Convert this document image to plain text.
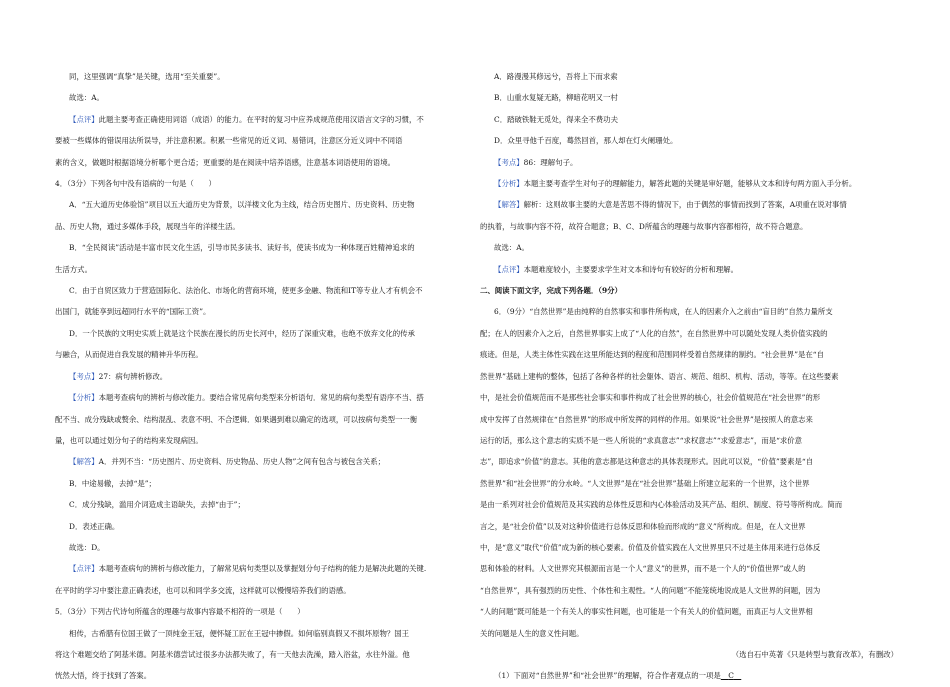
同，这里强调“真挚”是关键，选用“至关重要”。

故选：A。

【点评】此题主要考查正确使用词语（成语）的能力。在平时的复习中应养成规范使用汉语言文字的习惯，不

要被一些媒体的错误用法所误导，并注意积累。积累一些常见的近义词、易错词，注意区分近义词中不同语

素的含义，做题时根据语境分析哪个更合适；更重要的是在阅读中培养语感，注意基本词语使用的语境。

4．（3分）下列各句中没有语病的一句是（　　）

A．“五大道历史体验馆”项目以五大道历史为背景，以洋楼文化为主线，结合历史图片、历史资料、历史物

品、历史人物，通过多媒体手段，展现当年的洋楼生活。

B．“全民阅读”活动是丰富市民文化生活，引导市民多读书、读好书，使读书成为一种体现百姓精神追求的

生活方式。

C．由于自贸区致力于营造国际化、法治化、市场化的营商环境，使更多金融、物流和IT等专业人才有机会不

出国门，就能享到远超同行水平的“国际工资”。

D．一个民族的文明史实质上就是这个民族在漫长的历史长河中，经历了深重灾难，也绝不放弃文化的传承

与融合，从而促进自我发展的精神升华历程。

【考点】27：病句辨析修改。

【分析】本题考查病句的辨析与修改能力。要结合常见病句类型来分析语句．常见的病句类型有语序不当、搭

配不当、成分残缺或赘余、结构混乱、表意不明、不合逻辑．如果遇到难以确定的选项，可以按病句类型一一衡

量，也可以通过划分句子的结构来发现病因。

【解答】A．并列不当：“历史图片、历史资料、历史物品、历史人物”之间有包含与被包含关系；

B．中途易辙，去掉“是”；

C．成分残缺，滥用介词造成主语缺失，去掉“由于”；

D．表述正确。

故选：D。

【点评】本题考查病句的辨析与修改能力，了解常见病句类型以及掌握划分句子结构的能力是解决此题的关键.

在平时的学习中要注意正确表述，也可以和同学多交流，这样就可以慢慢培养我们的语感。

5．（3分）下列古代诗句所蕴含的理趣与故事内容最不相符的一项是（　　）

相传，古希腊有位国王做了一顶纯金王冠，便怀疑工匠在王冠中掺假。如何临别真假又不损坏原物？国王

将这个难题交给了阿基米德。阿基米德尝试过很多办法都失败了，有一天他去洗澡，踏入浴盆，水往外溢。他

恍然大悟，终于找到了答案。

A．路漫漫其修远兮，吾将上下而求索

B．山重水复疑无路，柳暗花明又一村

C．踏破铁鞋无觅处，得来全不费功夫

D．众里寻他千百度，蓦然回首，那人却在灯火阑珊处。

【考点】86：理解句子。

【分析】本题主要考查学生对句子的理解能力，解答此题的关键是审好题，能够从文本和诗句两方面入手分析。

【解答】解析：这则故事主要的大意是苦思不得的情况下，由于偶然的事情而找到了答案，A项重在说对事情

的执着，与故事内容不符，故符合题意；B、C、D所蕴含的理趣与故事内容都相符，故不符合题意。

故选：A。

【点评】本题难度较小，主要要求学生对文本和诗句有较好的分析和理解。

二、阅读下面文字，完成下列各题．（9分）

6．（9分）“自然世界”是由纯粹的自然事实和事件所构成，在人的因素介入之前由“盲目的”自然力量所支

配；在人的因素介入之后，自然世界事实上成了“人化的自然”，在自然世界中可以随处发现人类价值实践的

痕迹。但是，人类主体性实践在这里所能达到的程度和范围同样受着自然规律的制约。“社会世界”是在“自

然世界”基础上建构的整体，包括了各种各样的社会躯体、语言、规范、组织、机构、活动，等等。在这些要素

中，是社会价值规范而不是那些社会事实和事件构成了社会世界的核心，社会价值规范在“社会世界”的形

成中发挥了自然规律在“自然世界”的形成中所发挥的同样的作用。如果说“社会世界”是按照人的意志来

运行的话，那么这个意志的实质不是一些人所说的“求真意志”“求权意志”“求爱意志”，而是“求价意

志”，即追求“价值”的意志。其他的意志都是这种意志的具体表现形式。因此可以说，“价值”要素是“自

然世界”和“社会世界”的分水岭。“人文世界”是在“社会世界”基础上所建立起来的一个世界，这个世界

是由一系列对社会价值规范及其实践的总体性反思和内心体验活动及其产品、组织、制度、符号等所构成。简而

言之，是“社会价值”以及对这种价值进行总体反思和体验而形成的“意义”所构成。但是，在人文世界

中，是“意义”取代“价值”成为新的核心要素。价值及价值实践在人文世界里只不过是主体用来进行总体反

思和体验的材料。人文世界究其根源而言是一个人“意义”的世界，而不是一个人的“价值世界”或人的

“自然世界”，具有强烈的历史性、个体性和主观性。“人的问题”不能笼统地说成是人文世界的问题，因为

“人的问题”既可能是一个有关人的事实性问题，也可能是一个有关人的价值问题，而真正与人文世界相

关的问题是人生的意义性问题。

（选自石中英著《只是转型与教育改革》，有删改）

（1）下面对“自然世界”和“社会世界”的理解，符合作者观点的一项是  C 
